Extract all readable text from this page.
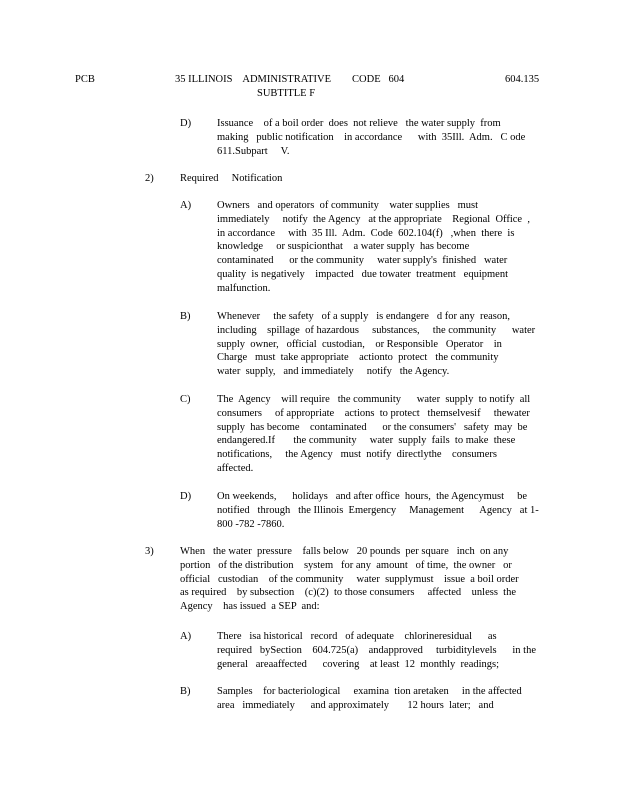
PCB	35 ILLINOIS    ADMINISTRATIVE        CODE   604
SUBTITLE F
604.135
D) Issuance    of a boil order  does  not relieve   the water supply  from
making   public notification    in accordance      with  35Ill.  Adm.   C ode
611.Subpart     V.
2)	Required     Notification
A) Owners   and operators  of community    water supplies   must
immediately     notify  the Agency   at the appropriate    Regional  Office  ,
in accordance     with  35 Ill.  Adm.  Code  602.104(f)   ,when  there  is
knowledge     or suspicionthat    a water supply  has become
contaminated      or the community     water supply's  finished   water
quality  is negatively    impacted   due towater  treatment   equipment
malfunction.
B)	Whenever     the safety   of a supply   is endangere   d for any  reason,
including    spillage  of hazardous     substances,     the community      water
supply  owner,   official  custodian,    or Responsible   Operator    in
Charge   must  take appropriate    actionto  protect   the community
water  supply,   and immediately     notify   the Agency.
C)	The  Agency    will require   the community      water  supply  to notify  all
consumers     of appropriate    actions  to protect   themselvesif     thewater
supply  has become    contaminated      or the consumers'   safety  may  be
endangered.If       the community     water  supply  fails  to make  these
notifications,     the Agency   must  notify  directlythe    consumers
affected.
D) On weekends,      holidays   and after office  hours,  the Agencymust     be
notified   through   the Illinois  Emergency     Management      Agency   at 1-
800 -782 -7860.
3)	When   the water  pressure    falls below   20 pounds  per square   inch  on any
portion   of the distribution    system   for any  amount   of time,  the owner   or
official   custodian    of the community     water  supplymust    issue  a boil order
as required    by subsection    (c)(2)  to those consumers     affected    unless  the
Agency    has issued  a SEP  and:
A) There   isa historical   record   of adequate    chlorineresidual      as
required   bySection    604.725(a)    andapproved     turbiditylevels      in the
general   areaaffected      covering    at least  12  monthly  readings;
B)	Samples    for bacteriological     examina  tion aretaken     in the affected
area   immediately      and approximately       12 hours  later;   and
